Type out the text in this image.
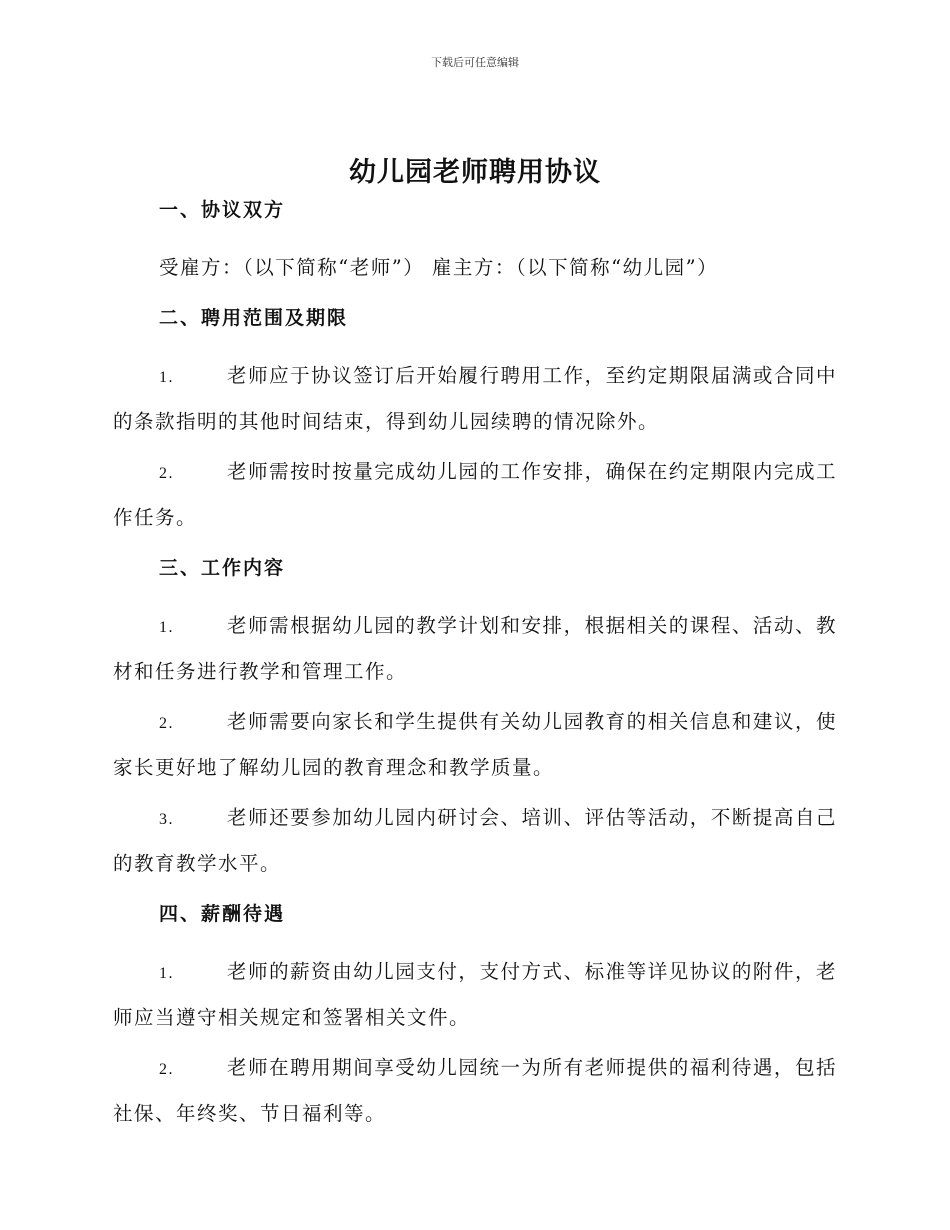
下载后可任意编辑
幼儿园老师聘用协议
一、协议双方
受雇方：（以下简称“老师”） 雇主方：（以下简称“幼儿园”）
二、聘用范围及期限
1.	老师应于协议签订后开始履行聘用工作，至约定期限届满或合同中的条款指明的其他时间结束，得到幼儿园续聘的情况除外。
2.	老师需按时按量完成幼儿园的工作安排，确保在约定期限内完成工作任务。
三、工作内容
1.	老师需根据幼儿园的教学计划和安排，根据相关的课程、活动、教材和任务进行教学和管理工作。
2.	老师需要向家长和学生提供有关幼儿园教育的相关信息和建议，使家长更好地了解幼儿园的教育理念和教学质量。
3.	老师还要参加幼儿园内研讨会、培训、评估等活动，不断提高自己的教育教学水平。
四、薪酬待遇
1.	老师的薪资由幼儿园支付，支付方式、标准等详见协议的附件，老师应当遵守相关规定和签署相关文件。
2.	老师在聘用期间享受幼儿园统一为所有老师提供的福利待遇，包括社保、年终奖、节日福利等。
